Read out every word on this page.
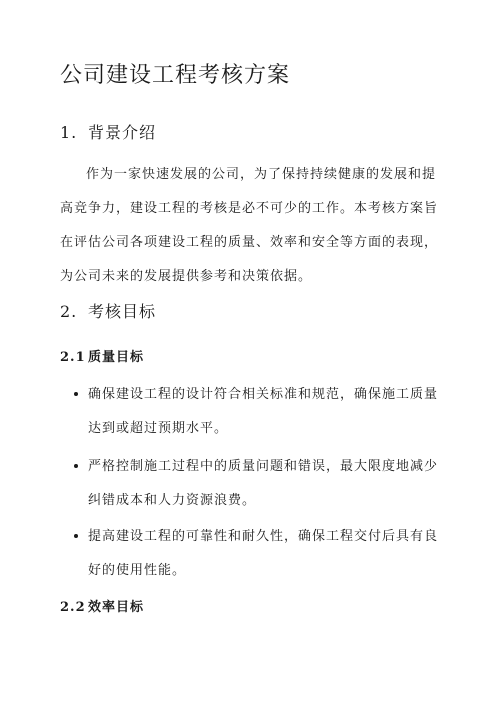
公司建设工程考核方案
1. 背景介绍

作为一家快速发展的公司，为了保持持续健康的发展和提高竞争力，建设工程的考核是必不可少的工作。本考核方案旨在评估公司各项建设工程的质量、效率和安全等方面的表现，为公司未来的发展提供参考和决策依据。

2. 考核目标
2.1 质量目标
确保建设工程的设计符合相关标准和规范，确保施工质量达到或超过预期水平。
严格控制施工过程中的质量问题和错误，最大限度地减少纠错成本和人力资源浪费。
提高建设工程的可靠性和耐久性，确保工程交付后具有良好的使用性能。
2.2 效率目标
